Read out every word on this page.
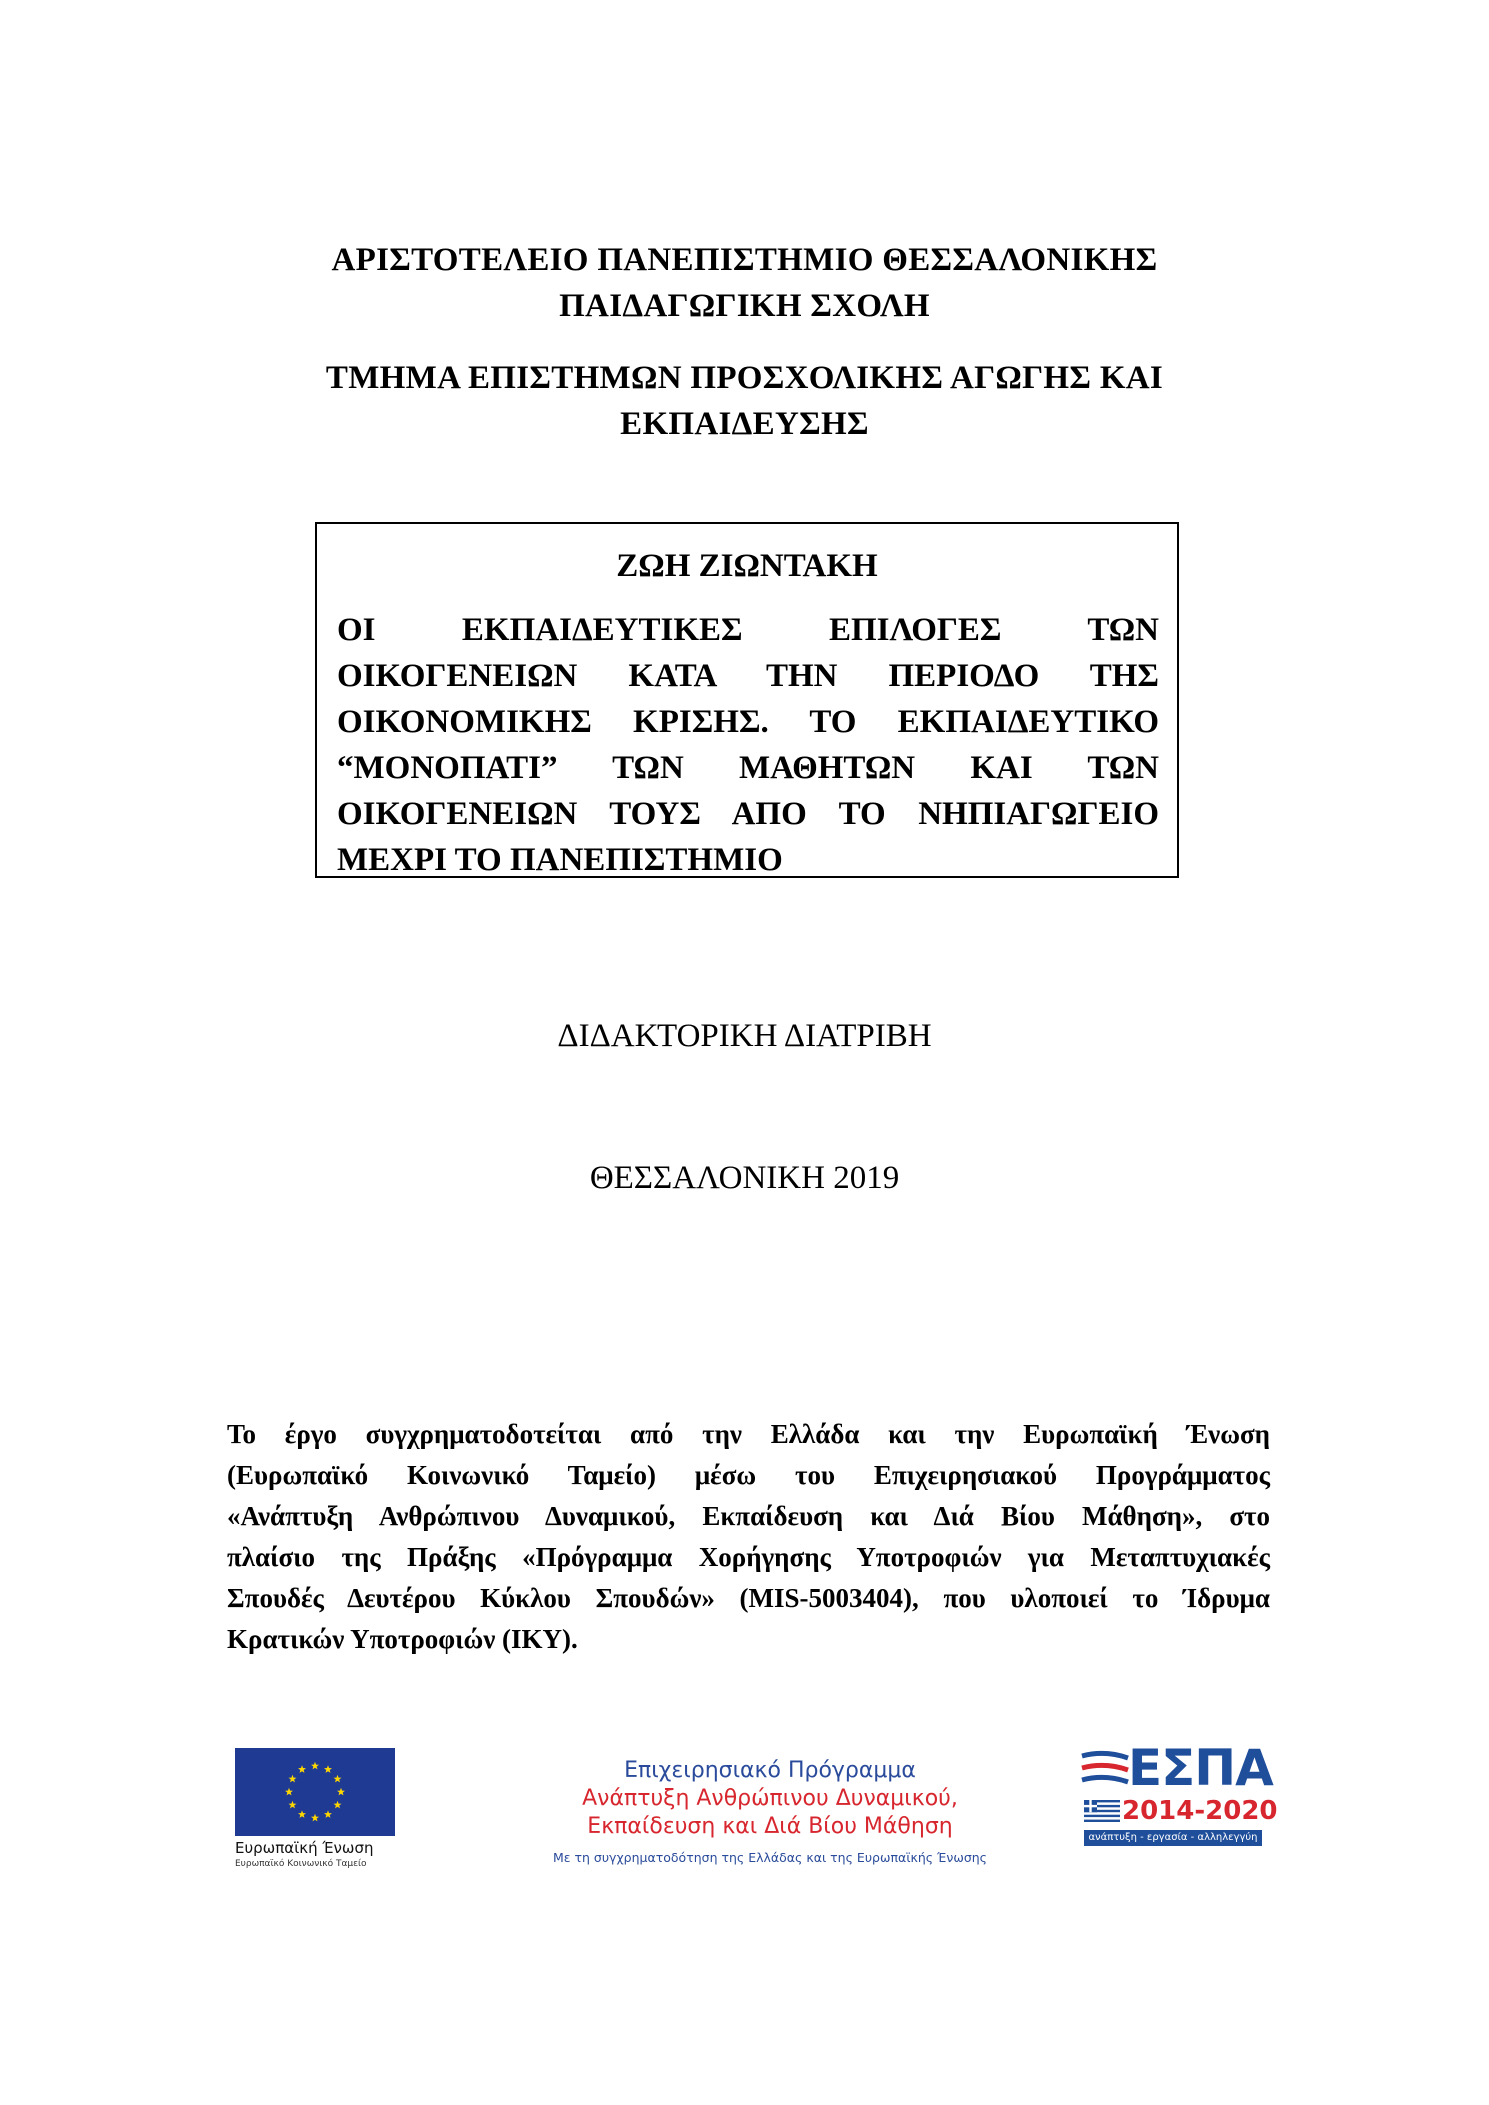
ΑΡΙΣΤΟΤΕΛΕΙΟ ΠΑΝΕΠΙΣΤΗΜΙΟ ΘΕΣΣΑΛΟΝΙΚΗΣ
ΠΑΙΔΑΓΩΓΙΚΗ ΣΧΟΛΗ
ΤΜΗΜΑ ΕΠΙΣΤΗΜΩΝ ΠΡΟΣΧΟΛΙΚΗΣ ΑΓΩΓΗΣ ΚΑΙ
ΕΚΠΑΙΔΕΥΣΗΣ
ΖΩΗ ΖΙΩΝΤΑΚΗ
ΟΙ ΕΚΠΑΙΔΕΥΤΙΚΕΣ ΕΠΙΛΟΓΕΣ ΤΩΝ
ΟΙΚΟΓΕΝΕΙΩΝ ΚΑΤΑ ΤΗΝ ΠΕΡΙΟΔΟ ΤΗΣ
ΟΙΚΟΝΟΜΙΚΗΣ ΚΡΙΣΗΣ. ΤΟ ΕΚΠΑΙΔΕΥΤΙΚΟ
“ΜΟΝΟΠΑΤΙ” ΤΩΝ ΜΑΘΗΤΩΝ ΚΑΙ ΤΩΝ
ΟΙΚΟΓΕΝΕΙΩΝ ΤΟΥΣ ΑΠΟ ΤΟ ΝΗΠΙΑΓΩΓΕΙΟ
ΜΕΧΡΙ ΤΟ ΠΑΝΕΠΙΣΤΗΜΙΟ
ΔΙΔΑΚΤΟΡΙΚΗ ΔΙΑΤΡΙΒΗ
ΘΕΣΣΑΛΟΝΙΚΗ 2019
Το έργο συγχρηματοδοτείται από την Ελλάδα και την Ευρωπαϊκή Ένωση
(Ευρωπαϊκό Κοινωνικό Ταμείο) μέσω του Επιχειρησιακού Προγράμματος
«Ανάπτυξη Ανθρώπινου Δυναμικού, Εκπαίδευση και Διά Βίου Μάθηση», στο
πλαίσιο της Πράξης «Πρόγραμμα Χορήγησης Υποτροφιών για Μεταπτυχιακές
Σπουδές Δευτέρου Κύκλου Σπουδών» (MIS-5003404), που υλοποιεί το Ίδρυμα
Κρατικών Υποτροφιών (ΙΚΥ).
Ευρωπαϊκή Ένωση
Ευρωπαϊκό Κοινωνικό Ταμείο
Επιχειρησιακό Πρόγραμμα
Ανάπτυξη Ανθρώπινου Δυναμικού,
Εκπαίδευση και Διά Βίου Μάθηση
Με τη συγχρηματοδότηση της Ελλάδας και της Ευρωπαϊκής Ένωσης
ΕΣΠΑ
2014-2020
ανάπτυξη - εργασία - αλληλεγγύη
